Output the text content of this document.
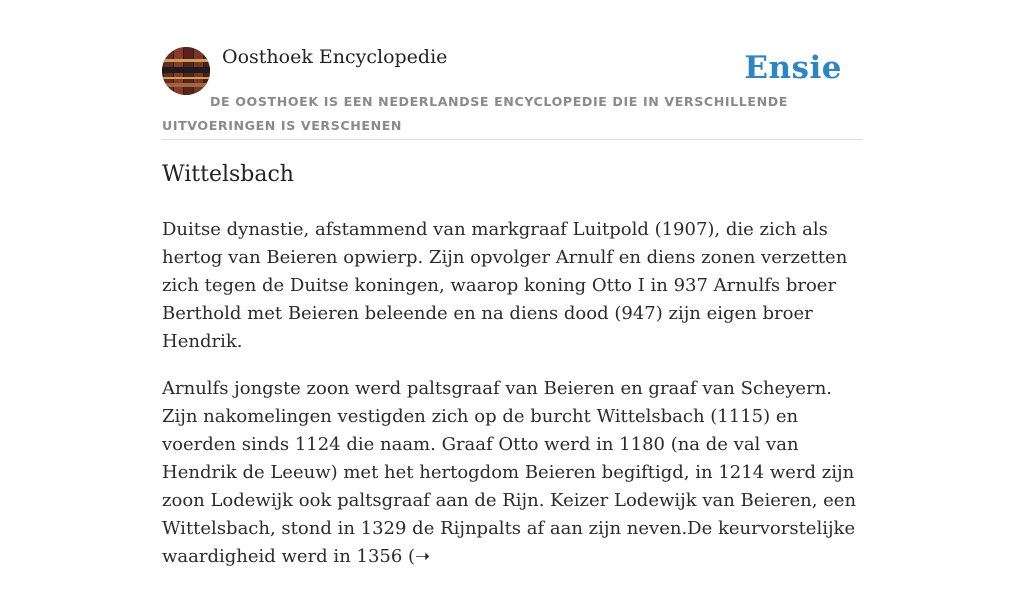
Oosthoek Encyclopedie	Ensie
DE OOSTHOEK IS EEN NEDERLANDSE ENCYCLOPEDIE DIE IN VERSCHILLENDE UITVOERINGEN IS VERSCHENEN
Wittelsbach

Duitse dynastie, afstammend van markgraaf Luitpold (1907), die zich als hertog van Beieren opwierp. Zijn opvolger Arnulf en diens zonen verzetten zich tegen de Duitse koningen, waarop koning Otto I in 937 Arnulfs broer Berthold met Beieren beleende en na diens dood (947) zijn eigen broer Hendrik.

Arnulfs jongste zoon werd paltsgraaf van Beieren en graaf van Scheyern. Zijn nakomelingen vestigden zich op de burcht Wittelsbach (1115) en voerden sinds 1124 die naam. Graaf Otto werd in 1180 (na de val van Hendrik de Leeuw) met het hertogdom Beieren begiftigd, in 1214 werd zijn zoon Lodewijk ook paltsgraaf aan de Rijn. Keizer Lodewijk van Beieren, een Wittelsbach, stond in 1329 de Rijnpalts af aan zijn neven.De keurvorstelijke waardigheid werd in 1356 (➝
